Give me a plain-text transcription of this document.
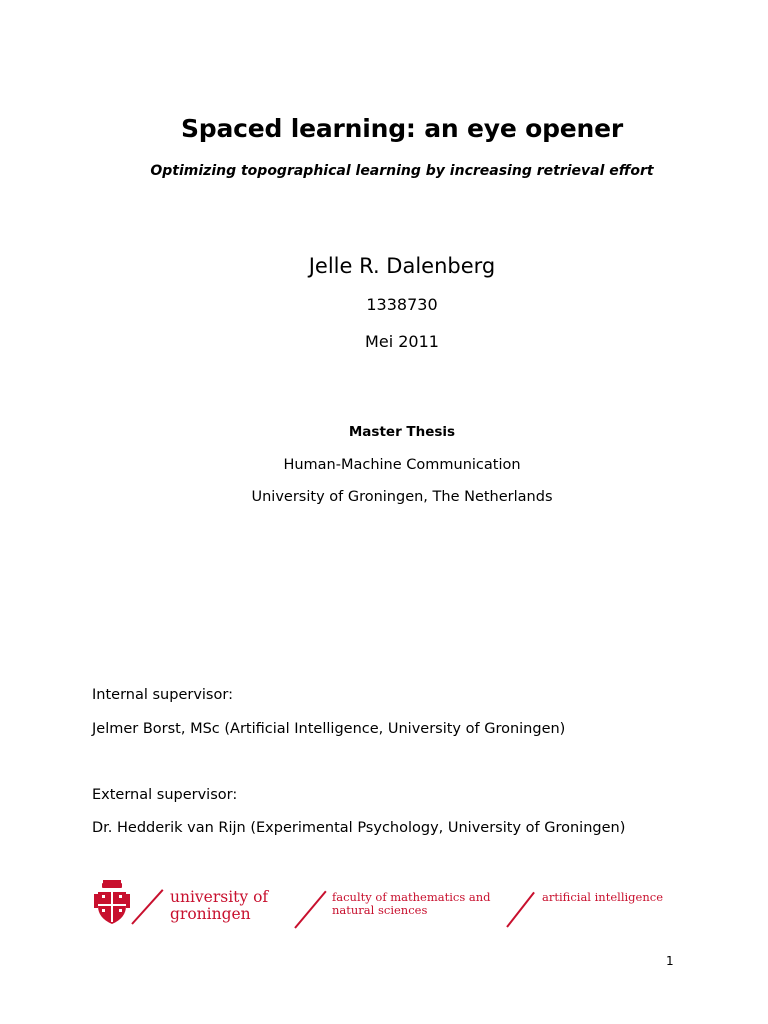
Spaced learning: an eye opener
Optimizing topographical learning by increasing retrieval effort
Jelle R. Dalenberg
1338730
Mei 2011
Master Thesis
Human-Machine Communication
University of Groningen, The Netherlands
Internal supervisor:
Jelmer Borst, MSc (Artificial Intelligence, University of Groningen)
External supervisor:
Dr. Hedderik van Rijn (Experimental Psychology, University of Groningen)
university of
groningen
faculty of mathematics and
natural sciences
artificial intelligence
1
